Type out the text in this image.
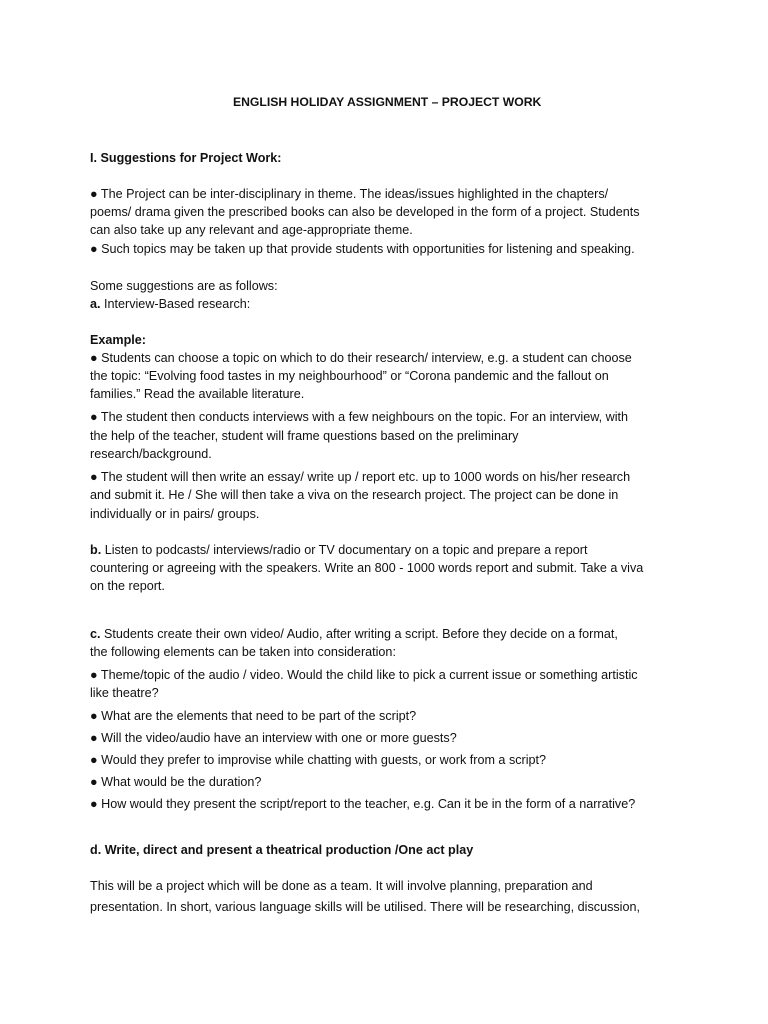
ENGLISH HOLIDAY ASSIGNMENT – PROJECT WORK
I. Suggestions for Project Work:
● The Project can be inter-disciplinary in theme. The ideas/issues highlighted in the chapters/
poems/ drama given the prescribed books can also be developed in the form of a project. Students
can also take up any relevant and age-appropriate theme.
● Such topics may be taken up that provide students with opportunities for listening and speaking.
Some suggestions are as follows:
a. Interview-Based research:
Example:
● Students can choose a topic on which to do their research/ interview, e.g. a student can choose
the topic: “Evolving food tastes in my neighbourhood” or “Corona pandemic and the fallout on
families.” Read the available literature.
● The student then conducts interviews with a few neighbours on the topic. For an interview, with
the help of the teacher, student will frame questions based on the preliminary
research/background.
● The student will then write an essay/ write up / report etc. up to 1000 words on his/her research
and submit it. He / She will then take a viva on the research project. The project can be done in
individually or in pairs/ groups.
b. Listen to podcasts/ interviews/radio or TV documentary on a topic and prepare a report
countering or agreeing with the speakers. Write an 800 - 1000 words report and submit. Take a viva
on the report.
c. Students create their own video/ Audio, after writing a script. Before they decide on a format,
the following elements can be taken into consideration:
● Theme/topic of the audio / video. Would the child like to pick a current issue or something artistic
like theatre?
● What are the elements that need to be part of the script?
● Will the video/audio have an interview with one or more guests?
● Would they prefer to improvise while chatting with guests, or work from a script?
● What would be the duration?
● How would they present the script/report to the teacher, e.g. Can it be in the form of a narrative?
d. Write, direct and present a theatrical production /One act play
This will be a project which will be done as a team. It will involve planning, preparation and
presentation. In short, various language skills will be utilised. There will be researching, discussion,
